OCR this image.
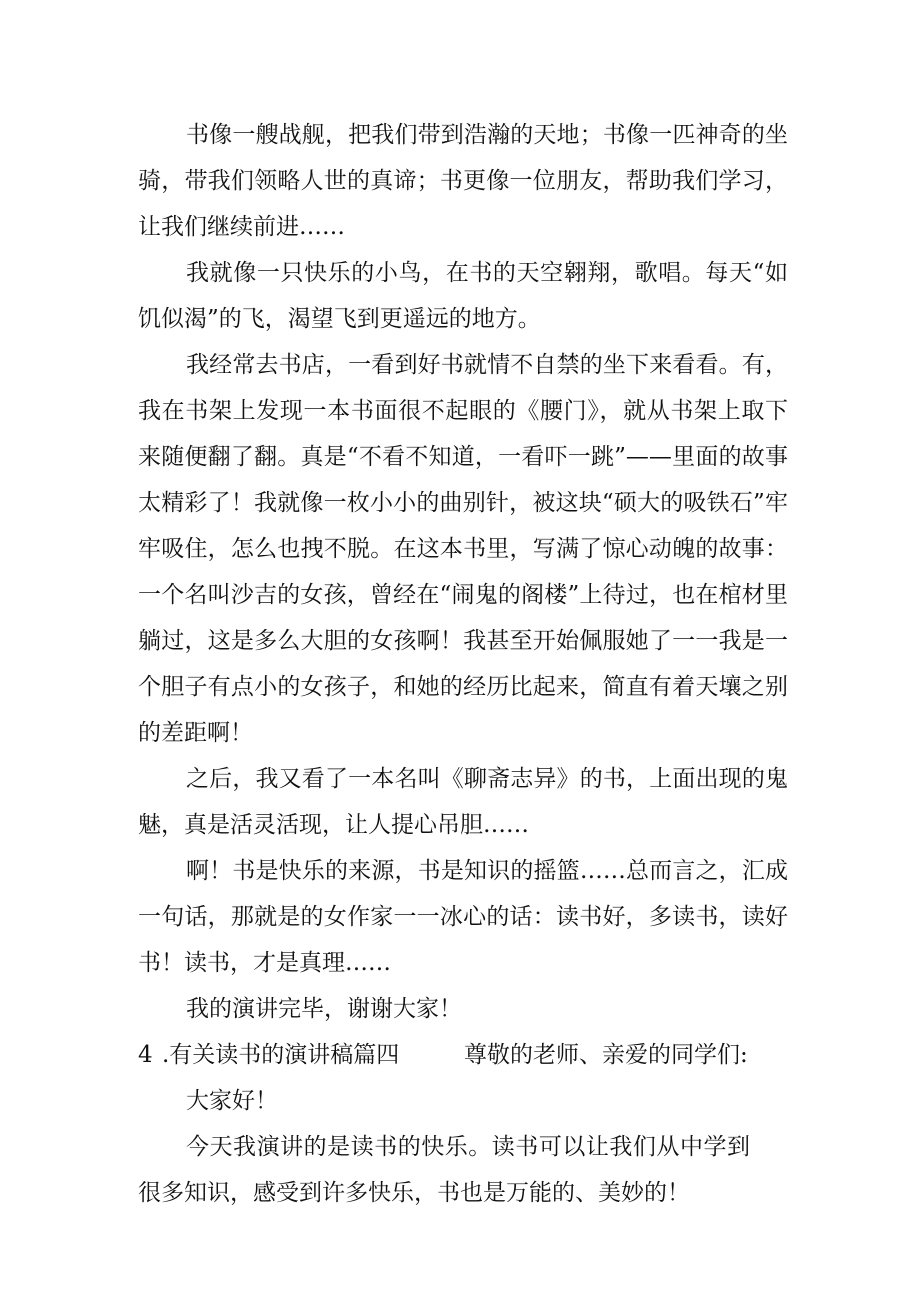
书像一艘战舰，把我们带到浩瀚的天地；书像一匹神奇的坐骑，带我们领略人世的真谛；书更像一位朋友，帮助我们学习，让我们继续前进……

我就像一只快乐的小鸟，在书的天空翱翔，歌唱。每天“如饥似渴”的飞，渴望飞到更遥远的地方。

我经常去书店，一看到好书就情不自禁的坐下来看看。有，我在书架上发现一本书面很不起眼的《腰门》，就从书架上取下来随便翻了翻。真是“不看不知道，一看吓一跳”——里面的故事太精彩了！我就像一枚小小的曲别针，被这块“硕大的吸铁石”牢牢吸住，怎么也拽不脱。在这本书里，写满了惊心动魄的故事：一个名叫沙吉的女孩，曾经在“闹鬼的阁楼”上待过，也在棺材里躺过，这是多么大胆的女孩啊！我甚至开始佩服她了一一我是一个胆子有点小的女孩子，和她的经历比起来，简直有着天壤之别的差距啊！

之后，我又看了一本名叫《聊斋志异》的书，上面出现的鬼魅，真是活灵活现，让人提心吊胆……

啊！书是快乐的来源，书是知识的摇篮……总而言之，汇成一句话，那就是的女作家一一冰心的话：读书好，多读书，读好书！读书，才是真理……

我的演讲完毕，谢谢大家！

4 .有关读书的演讲稿篇四	尊敬的老师、亲爱的同学们:

大家好！

今天我演讲的是读书的快乐。读书可以让我们从中学到很多知识，感受到许多快乐，书也是万能的、美妙的！
